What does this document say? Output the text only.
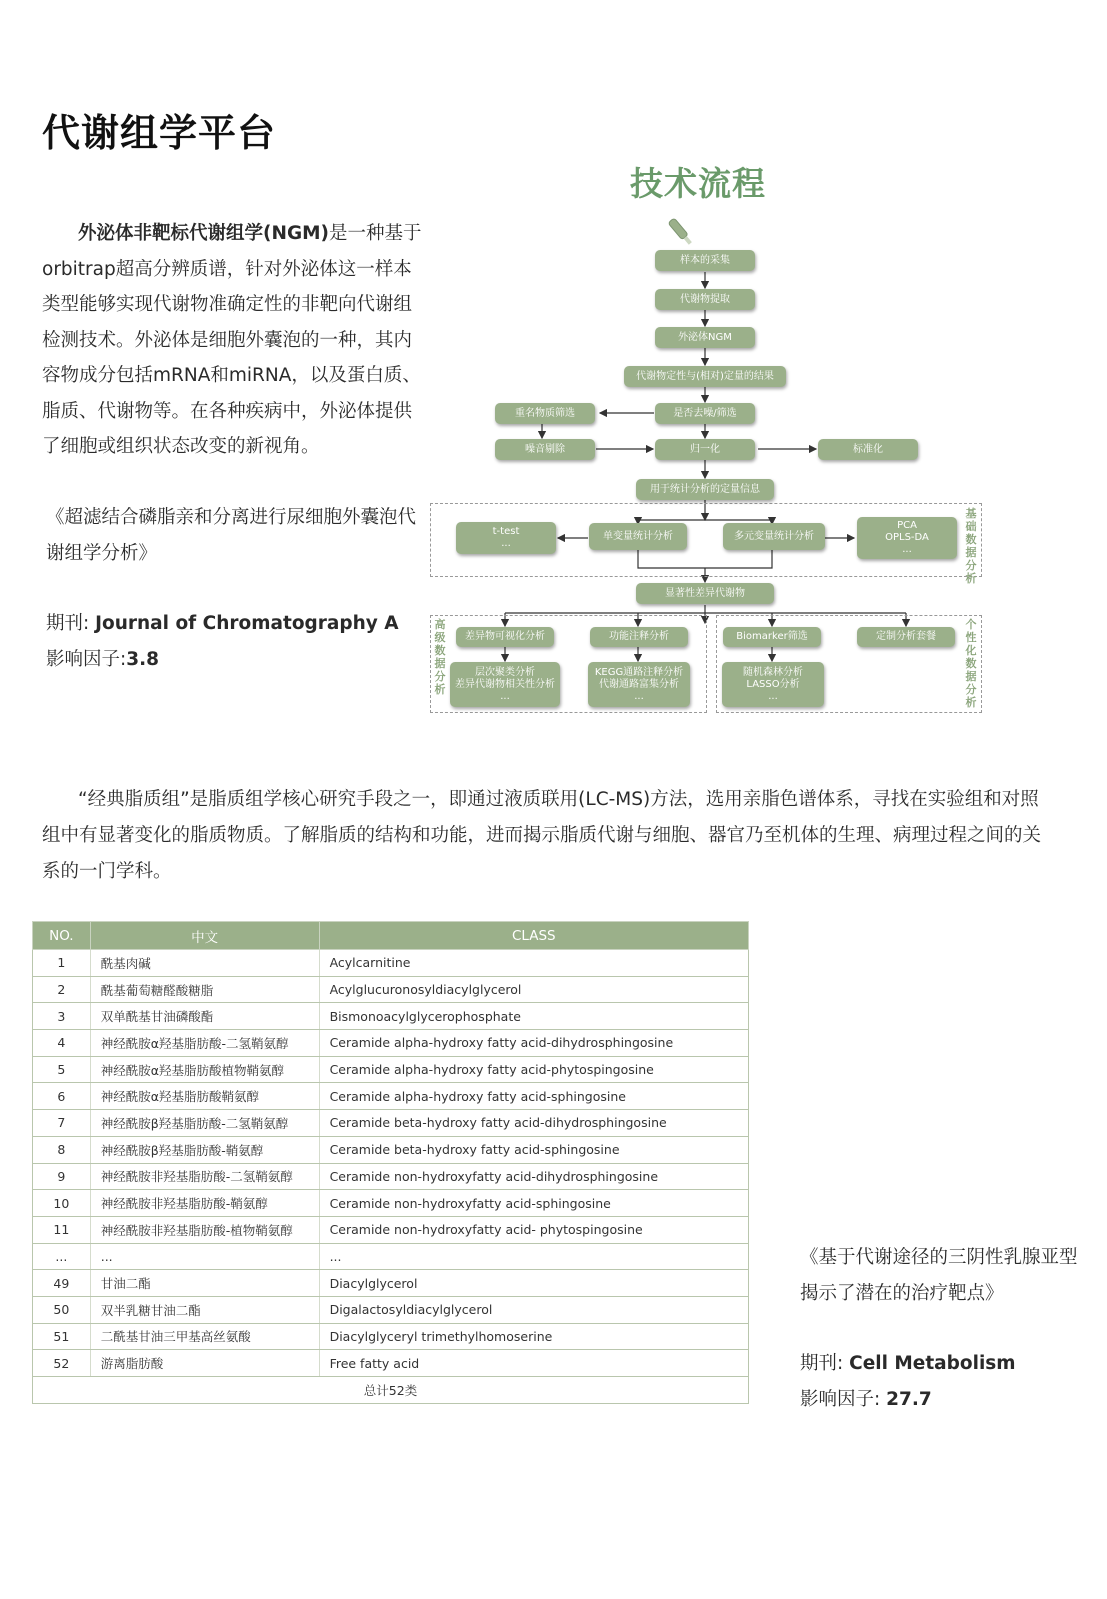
代谢组学平台
技术流程

外泌体非靶标代谢组学(NGM)是一种基于orbitrap超高分辨质谱，针对外泌体这一样本类型能够实现代谢物准确定性的非靶向代谢组检测技术。外泌体是细胞外囊泡的一种，其内容物成分包括mRNA和miRNA，以及蛋白质、脂质、代谢物等。在各种疾病中，外泌体提供了细胞或组织状态改变的新视角。

《超滤结合磷脂亲和分离进行尿细胞外囊泡代谢组学分析》
期刊: Journal of Chromatography A
影响因子:3.8
基础数据分析
高级数据分析
个性化数据分析
样本的采集
代谢物提取
外泌体NGM
代谢物定性与(相对)定量的结果
是否去噪/筛选
重名物质筛选
噪音剔除	归一化	标准化
用于统计分析的定量信息
t-test
...
单变量统计分析	多元变量统计分析
PCA
OPLS-DA
...
显著性差异代谢物
差异物可视化分析	功能注释分析	Biomarker筛选	定制分析套餐
层次聚类分析
差异代谢物相关性分析
...
KEGG通路注释分析
代谢通路富集分析
...
随机森林分析
LASSO分析
...

“经典脂质组”是脂质组学核心研究手段之一，即通过液质联用(LC-MS)方法，选用亲脂色谱体系，寻找在实验组和对照组中有显著变化的脂质物质。了解脂质的结构和功能，进而揭示脂质代谢与细胞、器官乃至机体的生理、病理过程之间的关系的一门学科。

NO.	中文	CLASS
1	酰基肉碱	Acylcarnitine
2	酰基葡萄糖醛酸糖脂	Acylglucuronosyldiacylglycerol
3	双单酰基甘油磷酸酯	Bismonoacylglycerophosphate
4	神经酰胺α羟基脂肪酸-二氢鞘氨醇	Ceramide alpha-hydroxy fatty acid-dihydrosphingosine
5	神经酰胺α羟基脂肪酸植物鞘氨醇	Ceramide alpha-hydroxy fatty acid-phytospingosine
6	神经酰胺α羟基脂肪酸鞘氨醇	Ceramide alpha-hydroxy fatty acid-sphingosine
7	神经酰胺β羟基脂肪酸-二氢鞘氨醇	Ceramide beta-hydroxy fatty acid-dihydrosphingosine
8	神经酰胺β羟基脂肪酸-鞘氨醇	Ceramide beta-hydroxy fatty acid-sphingosine
9	神经酰胺非羟基脂肪酸-二氢鞘氨醇	Ceramide non-hydroxyfatty acid-dihydrosphingosine
10	神经酰胺非羟基脂肪酸-鞘氨醇	Ceramide non-hydroxyfatty acid-sphingosine
11	神经酰胺非羟基脂肪酸-植物鞘氨醇	Ceramide non-hydroxyfatty acid- phytospingosine
...	...	...
49	甘油二酯	Diacylglycerol
50	双半乳糖甘油二酯	Digalactosyldiacylglycerol
51	二酰基甘油三甲基高丝氨酸	Diacylglyceryl trimethylhomoserine
52	游离脂肪酸	Free fatty acid
总计52类		
《基于代谢途径的三阴性乳腺亚型揭示了潜在的治疗靶点》
期刊: Cell Metabolism
影响因子: 27.7
